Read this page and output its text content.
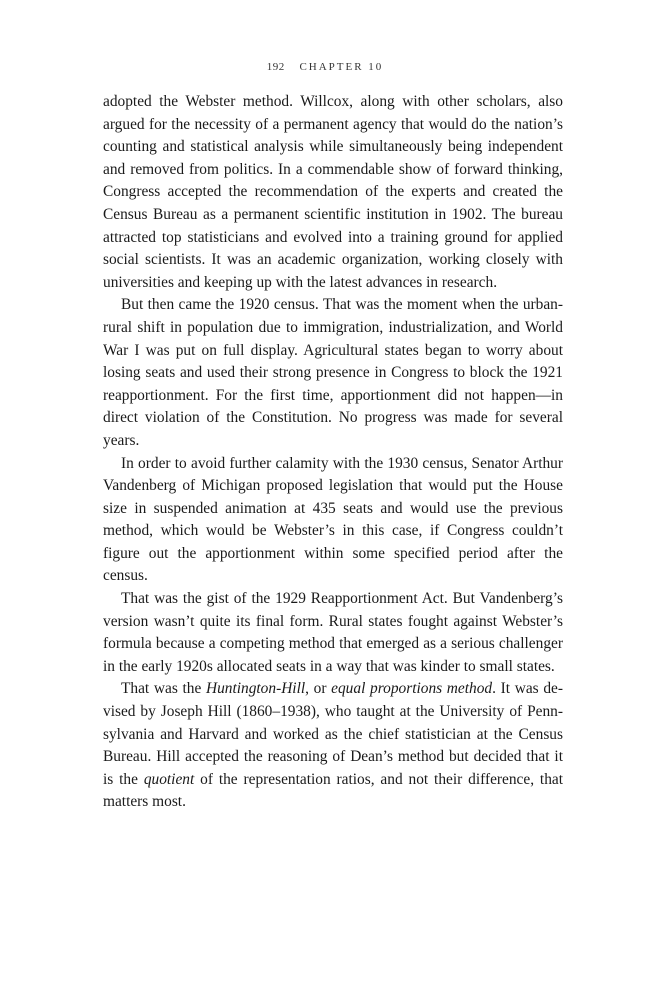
192 CHAPTER 10

adopted the Webster method. Willcox, along with other scholars, also argued for the necessity of a permanent agency that would do the nation’s counting and statistical analysis while simultaneously being independent and removed from politics. In a commendable show of forward thinking, Congress accepted the recommendation of the experts and created the Census Bureau as a permanent scientific institution in 1902. The bureau attracted top statisticians and evolved into a training ground for applied social scientists. It was an academic organization, working closely with universities and keeping up with the latest advances in research.

But then came the 1920 census. That was the moment when the urban-rural shift in population due to immigration, industrialization, and World War I was put on full display. Agricultural states began to worry about losing seats and used their strong presence in Congress to block the 1921 reapportionment. For the first time, apportionment did not happen—in direct violation of the Constitution. No progress was made for several years.

In order to avoid further calamity with the 1930 census, Senator Arthur Vandenberg of Michigan proposed legislation that would put the House size in suspended animation at 435 seats and would use the previous method, which would be Webster’s in this case, if Congress couldn’t figure out the apportionment within some specified period after the census.

That was the gist of the 1929 Reapportionment Act. But Vandenberg’s version wasn’t quite its final form. Rural states fought against Webster’s formula because a competing method that emerged as a serious challenger in the early 1920s allocated seats in a way that was kinder to small states.

That was the Huntington-Hill, or equal proportions method. It was devised by Joseph Hill (1860–1938), who taught at the University of Pennsylvania and Harvard and worked as the chief statistician at the Census Bureau. Hill accepted the reasoning of Dean’s method but decided that it is the quotient of the representation ratios, and not their difference, that matters most.
